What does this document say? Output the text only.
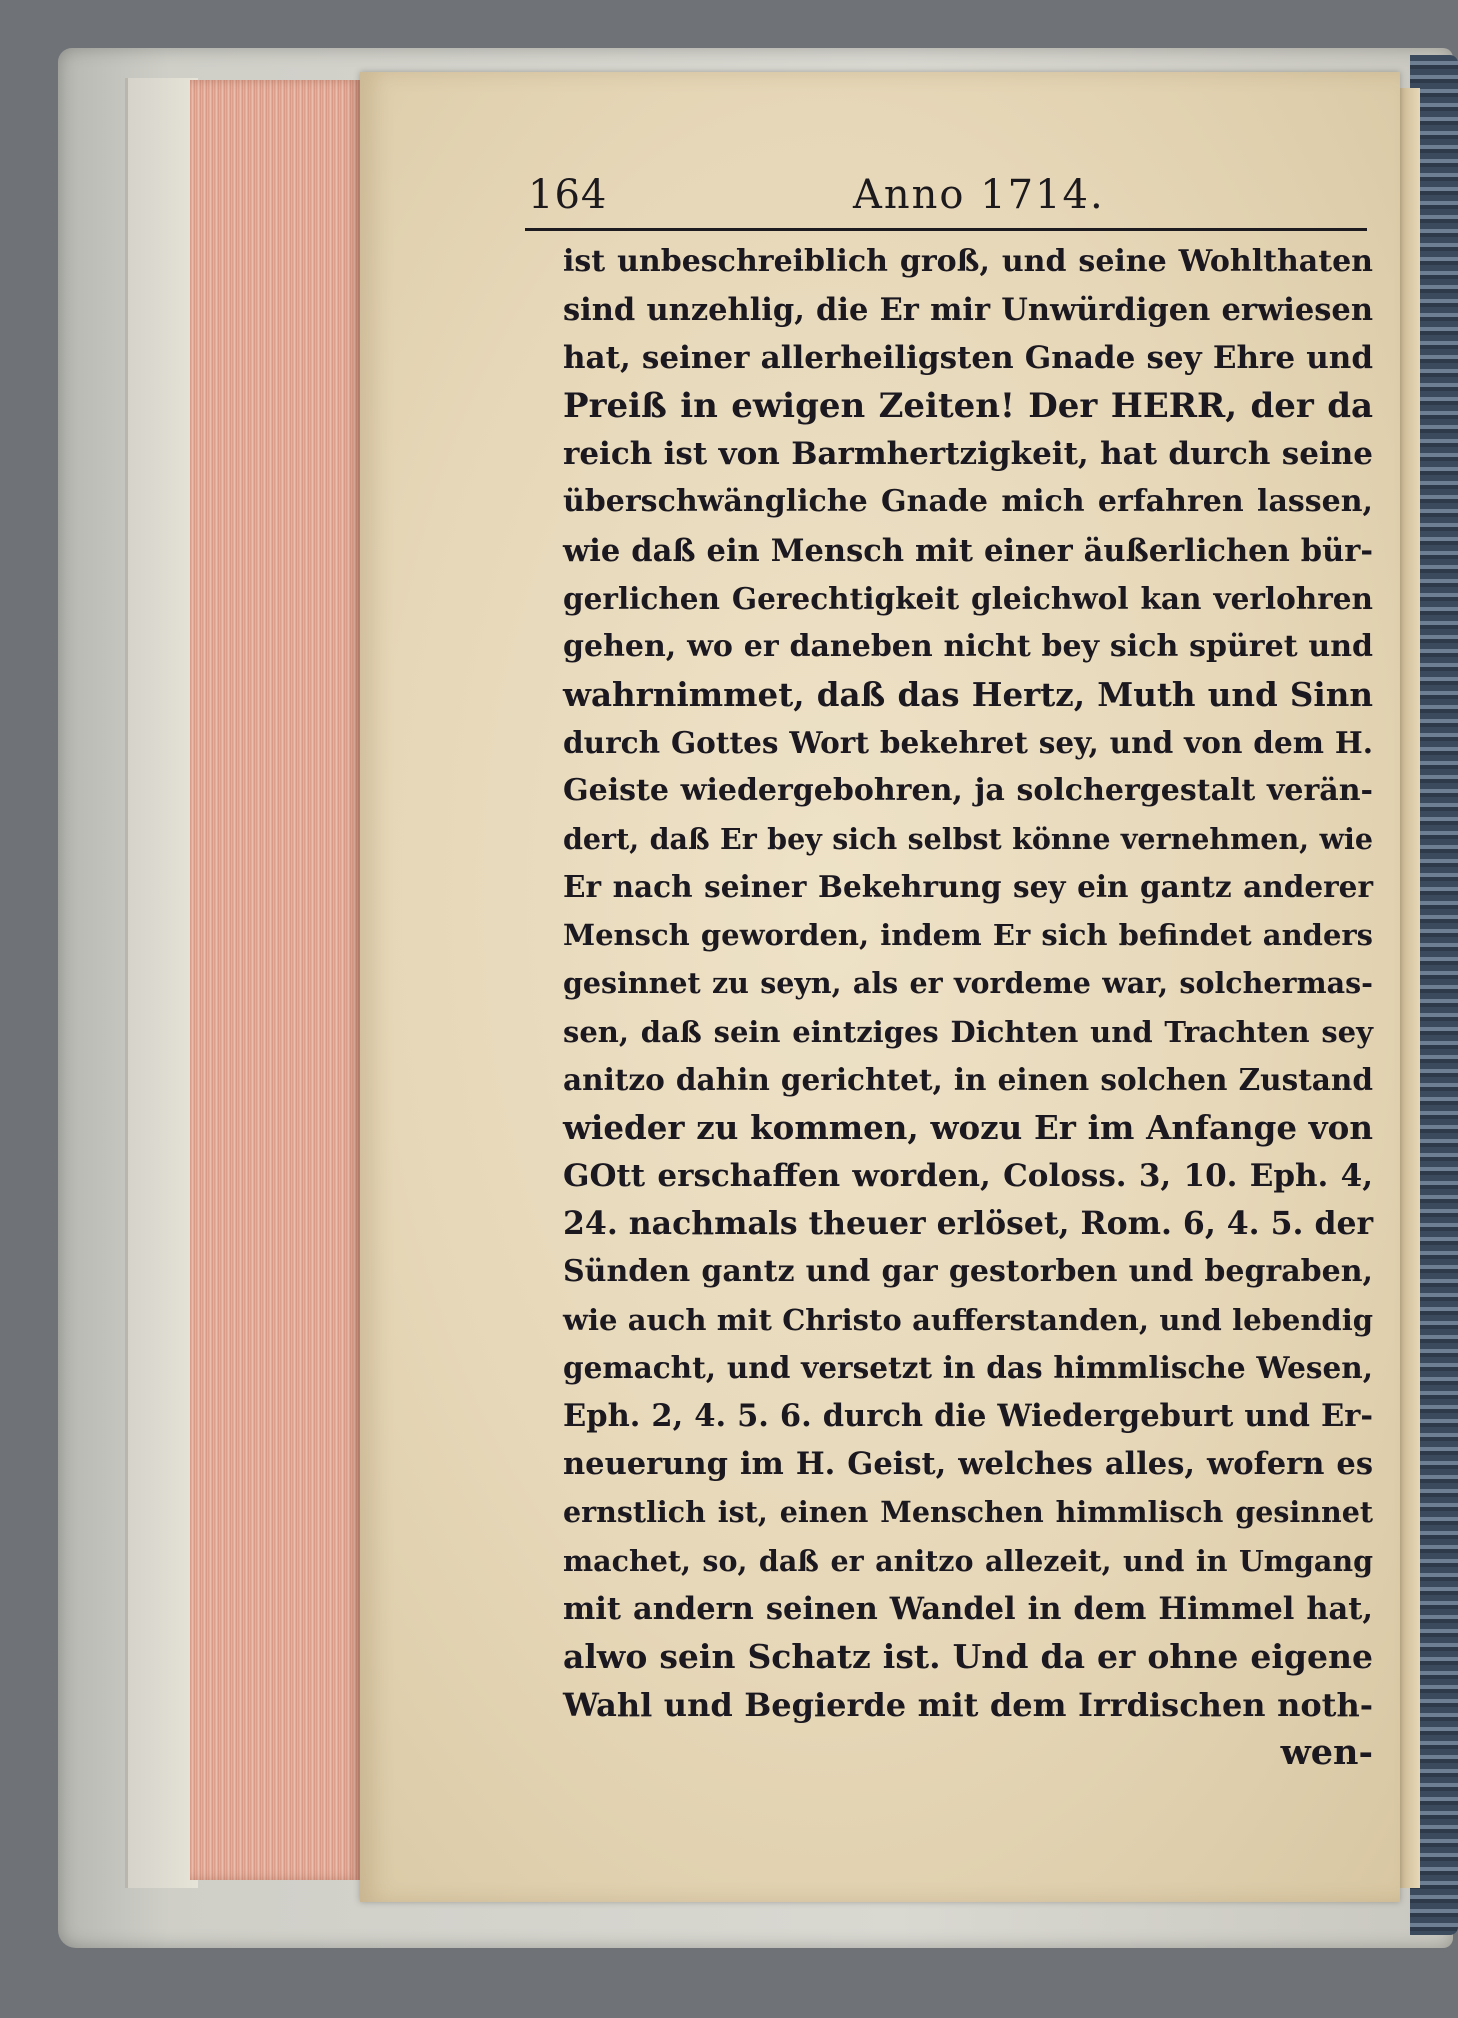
164	Anno 1714.
ist unbeschreiblich groß, und seine Wohlthaten
sind unzehlig, die Er mir Unwürdigen erwiesen
hat, seiner allerheiligsten Gnade sey Ehre und
Preiß in ewigen Zeiten! Der HERR, der da
reich ist von Barmhertzigkeit, hat durch seine
überschwängliche Gnade mich erfahren lassen,
wie daß ein Mensch mit einer äußerlichen bür-
gerlichen Gerechtigkeit gleichwol kan verlohren
gehen, wo er daneben nicht bey sich spüret und
wahrnimmet, daß das Hertz, Muth und Sinn
durch Gottes Wort bekehret sey, und von dem H.
Geiste wiedergebohren, ja solchergestalt verän-
dert, daß Er bey sich selbst könne vernehmen, wie
Er nach seiner Bekehrung sey ein gantz anderer
Mensch geworden, indem Er sich befindet anders
gesinnet zu seyn, als er vordeme war, solchermas-
sen, daß sein eintziges Dichten und Trachten sey
anitzo dahin gerichtet, in einen solchen Zustand
wieder zu kommen, wozu Er im Anfange von
GOtt erschaffen worden, Coloss. 3, 10. Eph. 4,
24. nachmals theuer erlöset, Rom. 6, 4. 5. der
Sünden gantz und gar gestorben und begraben,
wie auch mit Christo aufferstanden, und lebendig
gemacht, und versetzt in das himmlische Wesen,
Eph. 2, 4. 5. 6. durch die Wiedergeburt und Er-
neuerung im H. Geist, welches alles, wofern es
ernstlich ist, einen Menschen himmlisch gesinnet
machet, so, daß er anitzo allezeit, und in Umgang
mit andern seinen Wandel in dem Himmel hat,
alwo sein Schatz ist. Und da er ohne eigene
Wahl und Begierde mit dem Irrdischen noth-
wen-
